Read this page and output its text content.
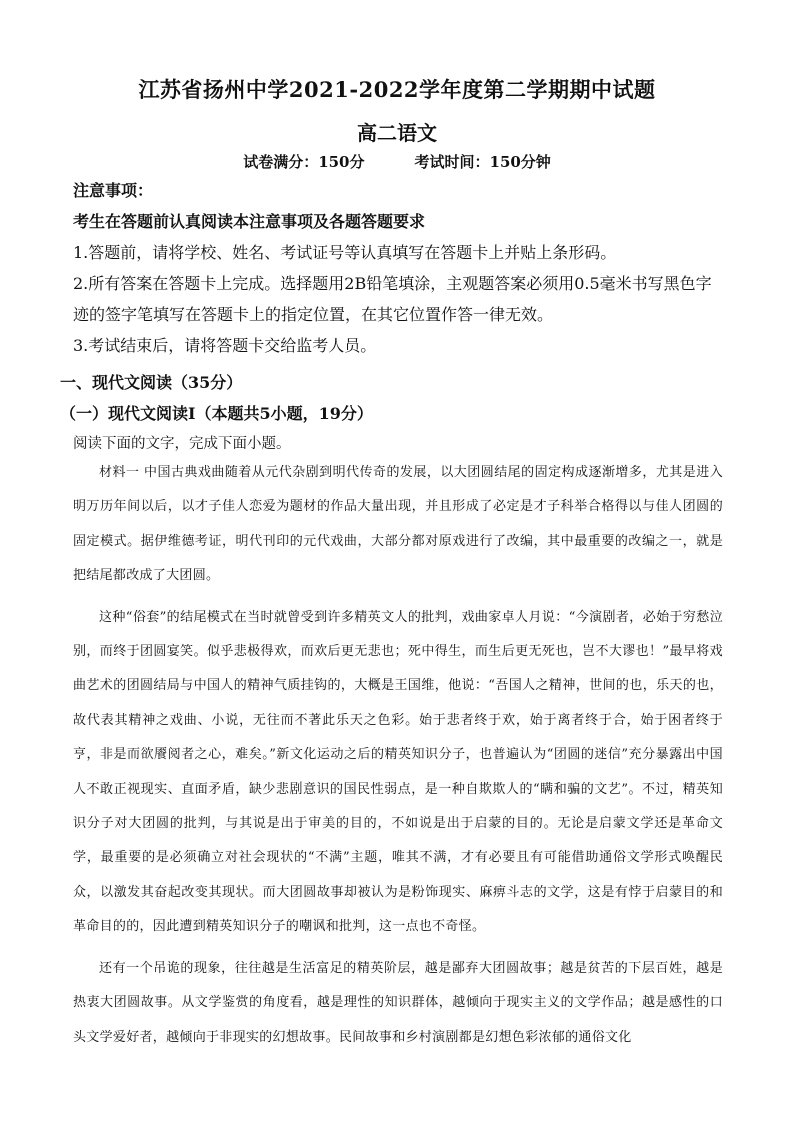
江苏省扬州中学2021-2022学年度第二学期期中试题
高二语文
试卷满分：150分	考试时间：150分钟
注意事项：
考生在答题前认真阅读本注意事项及各题答题要求
1.答题前，请将学校、姓名、考试证号等认真填写在答题卡上并贴上条形码。
2.所有答案在答题卡上完成。选择题用2B铅笔填涂，主观题答案必须用0.5毫米书写黑色字迹的签字笔填写在答题卡上的指定位置，在其它位置作答一律无效。
3.考试结束后，请将答题卡交给监考人员。
一、现代文阅读（35分）
（一）现代文阅读Ⅰ（本题共5小题，19分）
阅读下面的文字，完成下面小题。

材料一 中国古典戏曲随着从元代杂剧到明代传奇的发展，以大团圆结尾的固定构成逐渐增多，尤其是进入明万历年间以后，以才子佳人恋爱为题材的作品大量出现，并且形成了必定是才子科举合格得以与佳人团圆的固定模式。据伊维德考证，明代刊印的元代戏曲，大部分都对原戏进行了改编，其中最重要的改编之一，就是把结尾都改成了大团圆。

这种“俗套”的结尾模式在当时就曾受到许多精英文人的批判，戏曲家卓人月说：“今演剧者，必始于穷愁泣别，而终于团圆宴笑。似乎悲极得欢，而欢后更无悲也；死中得生，而生后更无死也，岂不大谬也！”最早将戏曲艺术的团圆结局与中国人的精神气质挂钩的，大概是王国维，他说：“吾国人之精神，世间的也，乐天的也，故代表其精神之戏曲、小说，无往而不著此乐天之色彩。始于悲者终于欢，始于离者终于合，始于困者终于亨，非是而欲餍阅者之心，难矣。”新文化运动之后的精英知识分子，也普遍认为“团圆的迷信”充分暴露出中国人不敢正视现实、直面矛盾，缺少悲剧意识的国民性弱点，是一种自欺欺人的“瞒和骗的文艺”。不过，精英知识分子对大团圆的批判，与其说是出于审美的目的，不如说是出于启蒙的目的。无论是启蒙文学还是革命文学，最重要的是必须确立对社会现状的“不满”主题，唯其不满，才有必要且有可能借助通俗文学形式唤醒民众，以激发其奋起改变其现状。而大团圆故事却被认为是粉饰现实、麻痹斗志的文学，这是有悖于启蒙目的和革命目的的，因此遭到精英知识分子的嘲讽和批判，这一点也不奇怪。

还有一个吊诡的现象，往往越是生活富足的精英阶层，越是鄙弃大团圆故事；越是贫苦的下层百姓，越是热衷大团圆故事。从文学鉴赏的角度看，越是理性的知识群体，越倾向于现实主义的文学作品；越是感性的口头文学爱好者，越倾向于非现实的幻想故事。民间故事和乡村演剧都是幻想色彩浓郁的通俗文化
